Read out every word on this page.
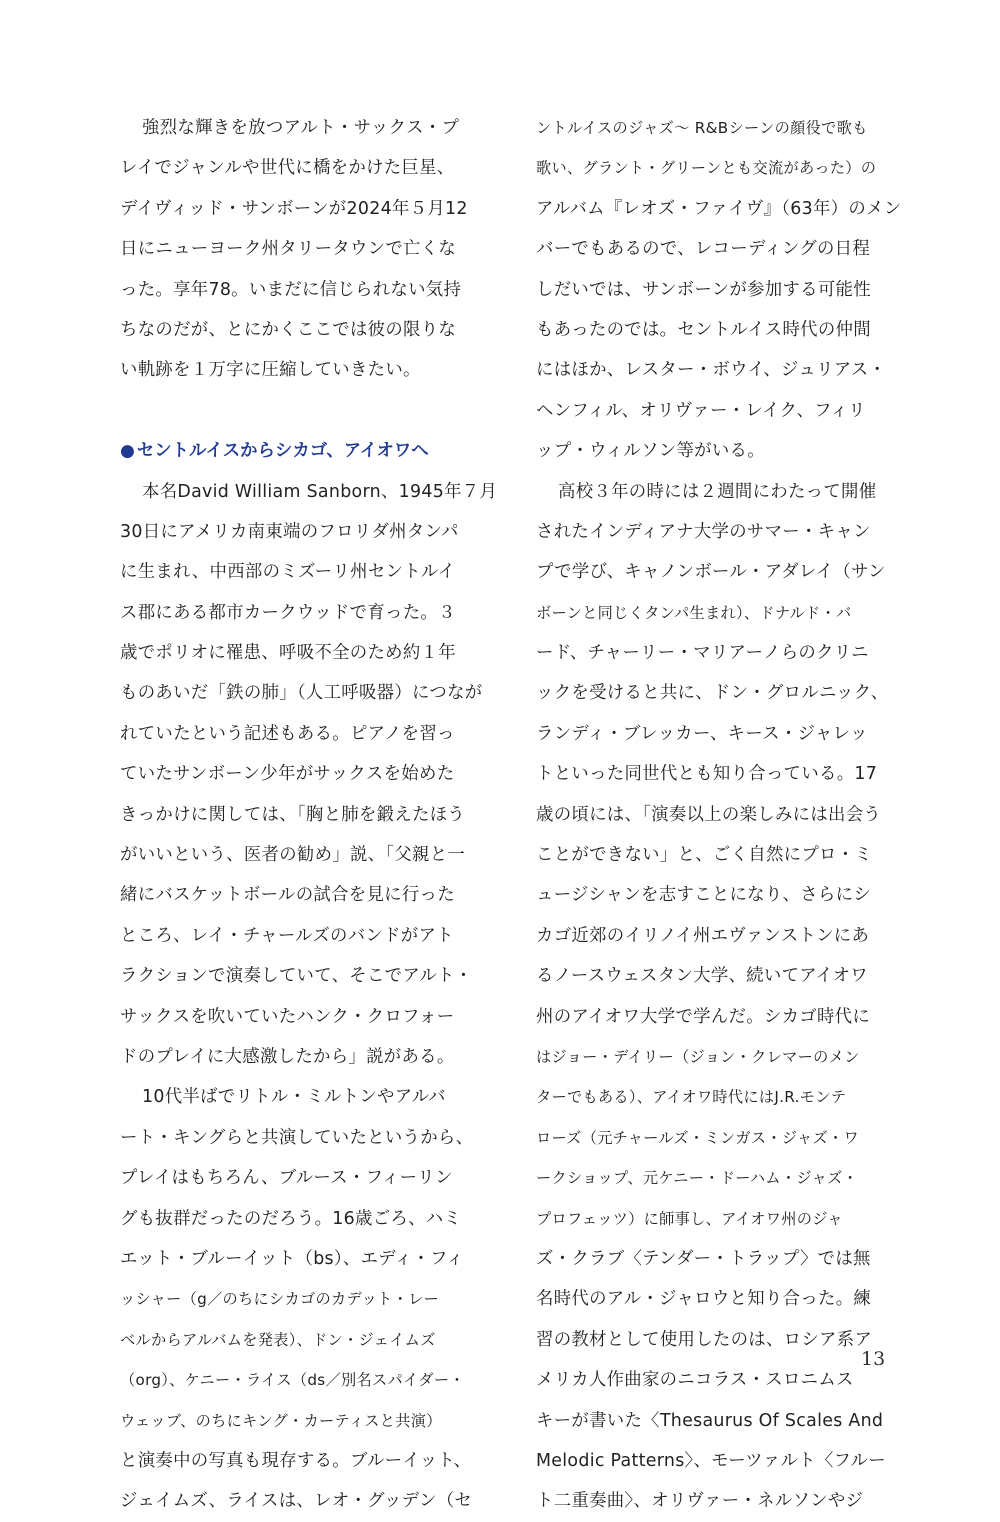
強烈な輝きを放つアルト・サックス・プ
レイでジャンルや世代に橋をかけた巨星、
デイヴィッド・サンボーンが2024年５月12
日にニューヨーク州タリータウンで亡くな
った。享年78。いまだに信じられない気持
ちなのだが、とにかくここでは彼の限りな
い軌跡を１万字に圧縮していきたい。
● セントルイスからシカゴ、アイオワへ
本名David William Sanborn、1945年７月
30日にアメリカ南東端のフロリダ州タンパ
に生まれ、中西部のミズーリ州セントルイ
ス郡にある都市カークウッドで育った。３
歳でポリオに罹患、呼吸不全のため約１年
ものあいだ「鉄の肺」（人工呼吸器）につなが
れていたという記述もある。ピアノを習っ
ていたサンボーン少年がサックスを始めた
きっかけに関しては、「胸と肺を鍛えたほう
がいいという、医者の勧め」説、「父親と一
緒にバスケットボールの試合を見に行った
ところ、レイ・チャールズのバンドがアト
ラクションで演奏していて、そこでアルト・
サックスを吹いていたハンク・クロフォー
ドのプレイに大感激したから」説がある。
10代半ばでリトル・ミルトンやアルバ
ート・キングらと共演していたというから、
プレイはもちろん、ブルース・フィーリン
グも抜群だったのだろう。16歳ごろ、ハミ
エット・ブルーイット（bs）、エディ・フィ
ッシャー（g／のちにシカゴのカデット・レー
ベルからアルバムを発表）、ドン・ジェイムズ
（org）、ケニー・ライス（ds／別名スパイダー・
ウェッブ、のちにキング・カーティスと共演）
と演奏中の写真も現存する。ブルーイット、
ジェイムズ、ライスは、レオ・グッデン（セ
ントルイスのジャズ〜 R&Bシーンの顔役で歌も
歌い、グラント・グリーンとも交流があった）の
アルバム『レオズ・ファイヴ』（63年）のメン
バーでもあるので、レコーディングの日程
しだいでは、サンボーンが参加する可能性
もあったのでは。セントルイス時代の仲間
にはほか、レスター・ボウイ、ジュリアス・
ヘンフィル、オリヴァー・レイク、フィリ
ップ・ウィルソン等がいる。
高校３年の時には２週間にわたって開催
されたインディアナ大学のサマー・キャン
プで学び、キャノンボール・アダレイ（サン
ボーンと同じくタンパ生まれ）、ドナルド・バ
ード、チャーリー・マリアーノらのクリニ
ックを受けると共に、ドン・グロルニック、
ランディ・ブレッカー、キース・ジャレッ
トといった同世代とも知り合っている。17
歳の頃には、「演奏以上の楽しみには出会う
ことができない」と、ごく自然にプロ・ミ
ュージシャンを志すことになり、さらにシ
カゴ近郊のイリノイ州エヴァンストンにあ
るノースウェスタン大学、続いてアイオワ
州のアイオワ大学で学んだ。シカゴ時代に
はジョー・デイリー（ジョン・クレマーのメン
ターでもある）、アイオワ時代にはJ.R.モンテ
ローズ（元チャールズ・ミンガス・ジャズ・ワ
ークショップ、元ケニー・ドーハム・ジャズ・
プロフェッツ）に師事し、アイオワ州のジャ
ズ・クラブ〈テンダー・トラップ〉では無
名時代のアル・ジャロウと知り合った。練
習の教材として使用したのは、ロシア系ア
メリカ人作曲家のニコラス・スロニムス
キーが書いた〈Thesaurus Of Scales And
Melodic Patterns〉、モーツァルト〈フルー
ト二重奏曲〉、オリヴァー・ネルソンやジ
13
